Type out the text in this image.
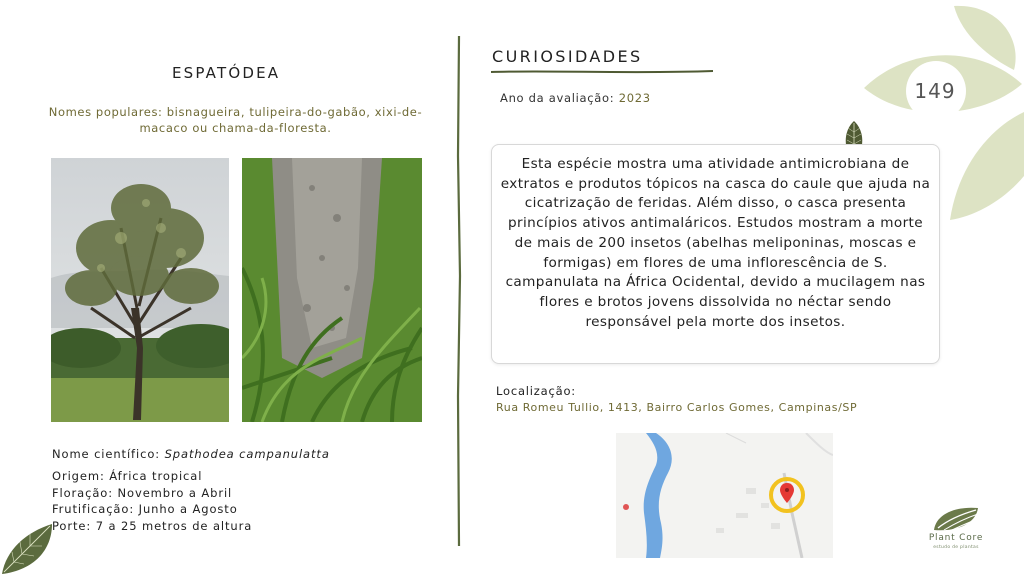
149
ESPATÓDEA
Nomes populares: bisnagueira, tulipeira-do-gabão, xixi-de-macaco ou chama-da-floresta.
Nome científico: Spathodea campanulatta
Origem: África tropical
Floração: Novembro a Abril
Frutificação: Junho a Agosto
Porte: 7 a 25 metros de altura
CURIOSIDADES
Ano da avaliação: 2023

Esta espécie mostra uma atividade antimicrobiana de extratos e produtos tópicos na casca do caule que ajuda na cicatrização de feridas. Além disso, o casca presenta princípios ativos antimaláricos. Estudos mostram a morte de mais de 200 insetos (abelhas meliponinas, moscas e formigas) em flores de uma inflorescência de S. campanulata na África Ocidental, devido a mucilagem nas flores e brotos jovens dissolvida no néctar sendo responsável pela morte dos insetos.

Localização:
Rua Romeu Tullio, 1413, Bairro Carlos Gomes, Campinas/SP
Plant Core
estudo de plantas
